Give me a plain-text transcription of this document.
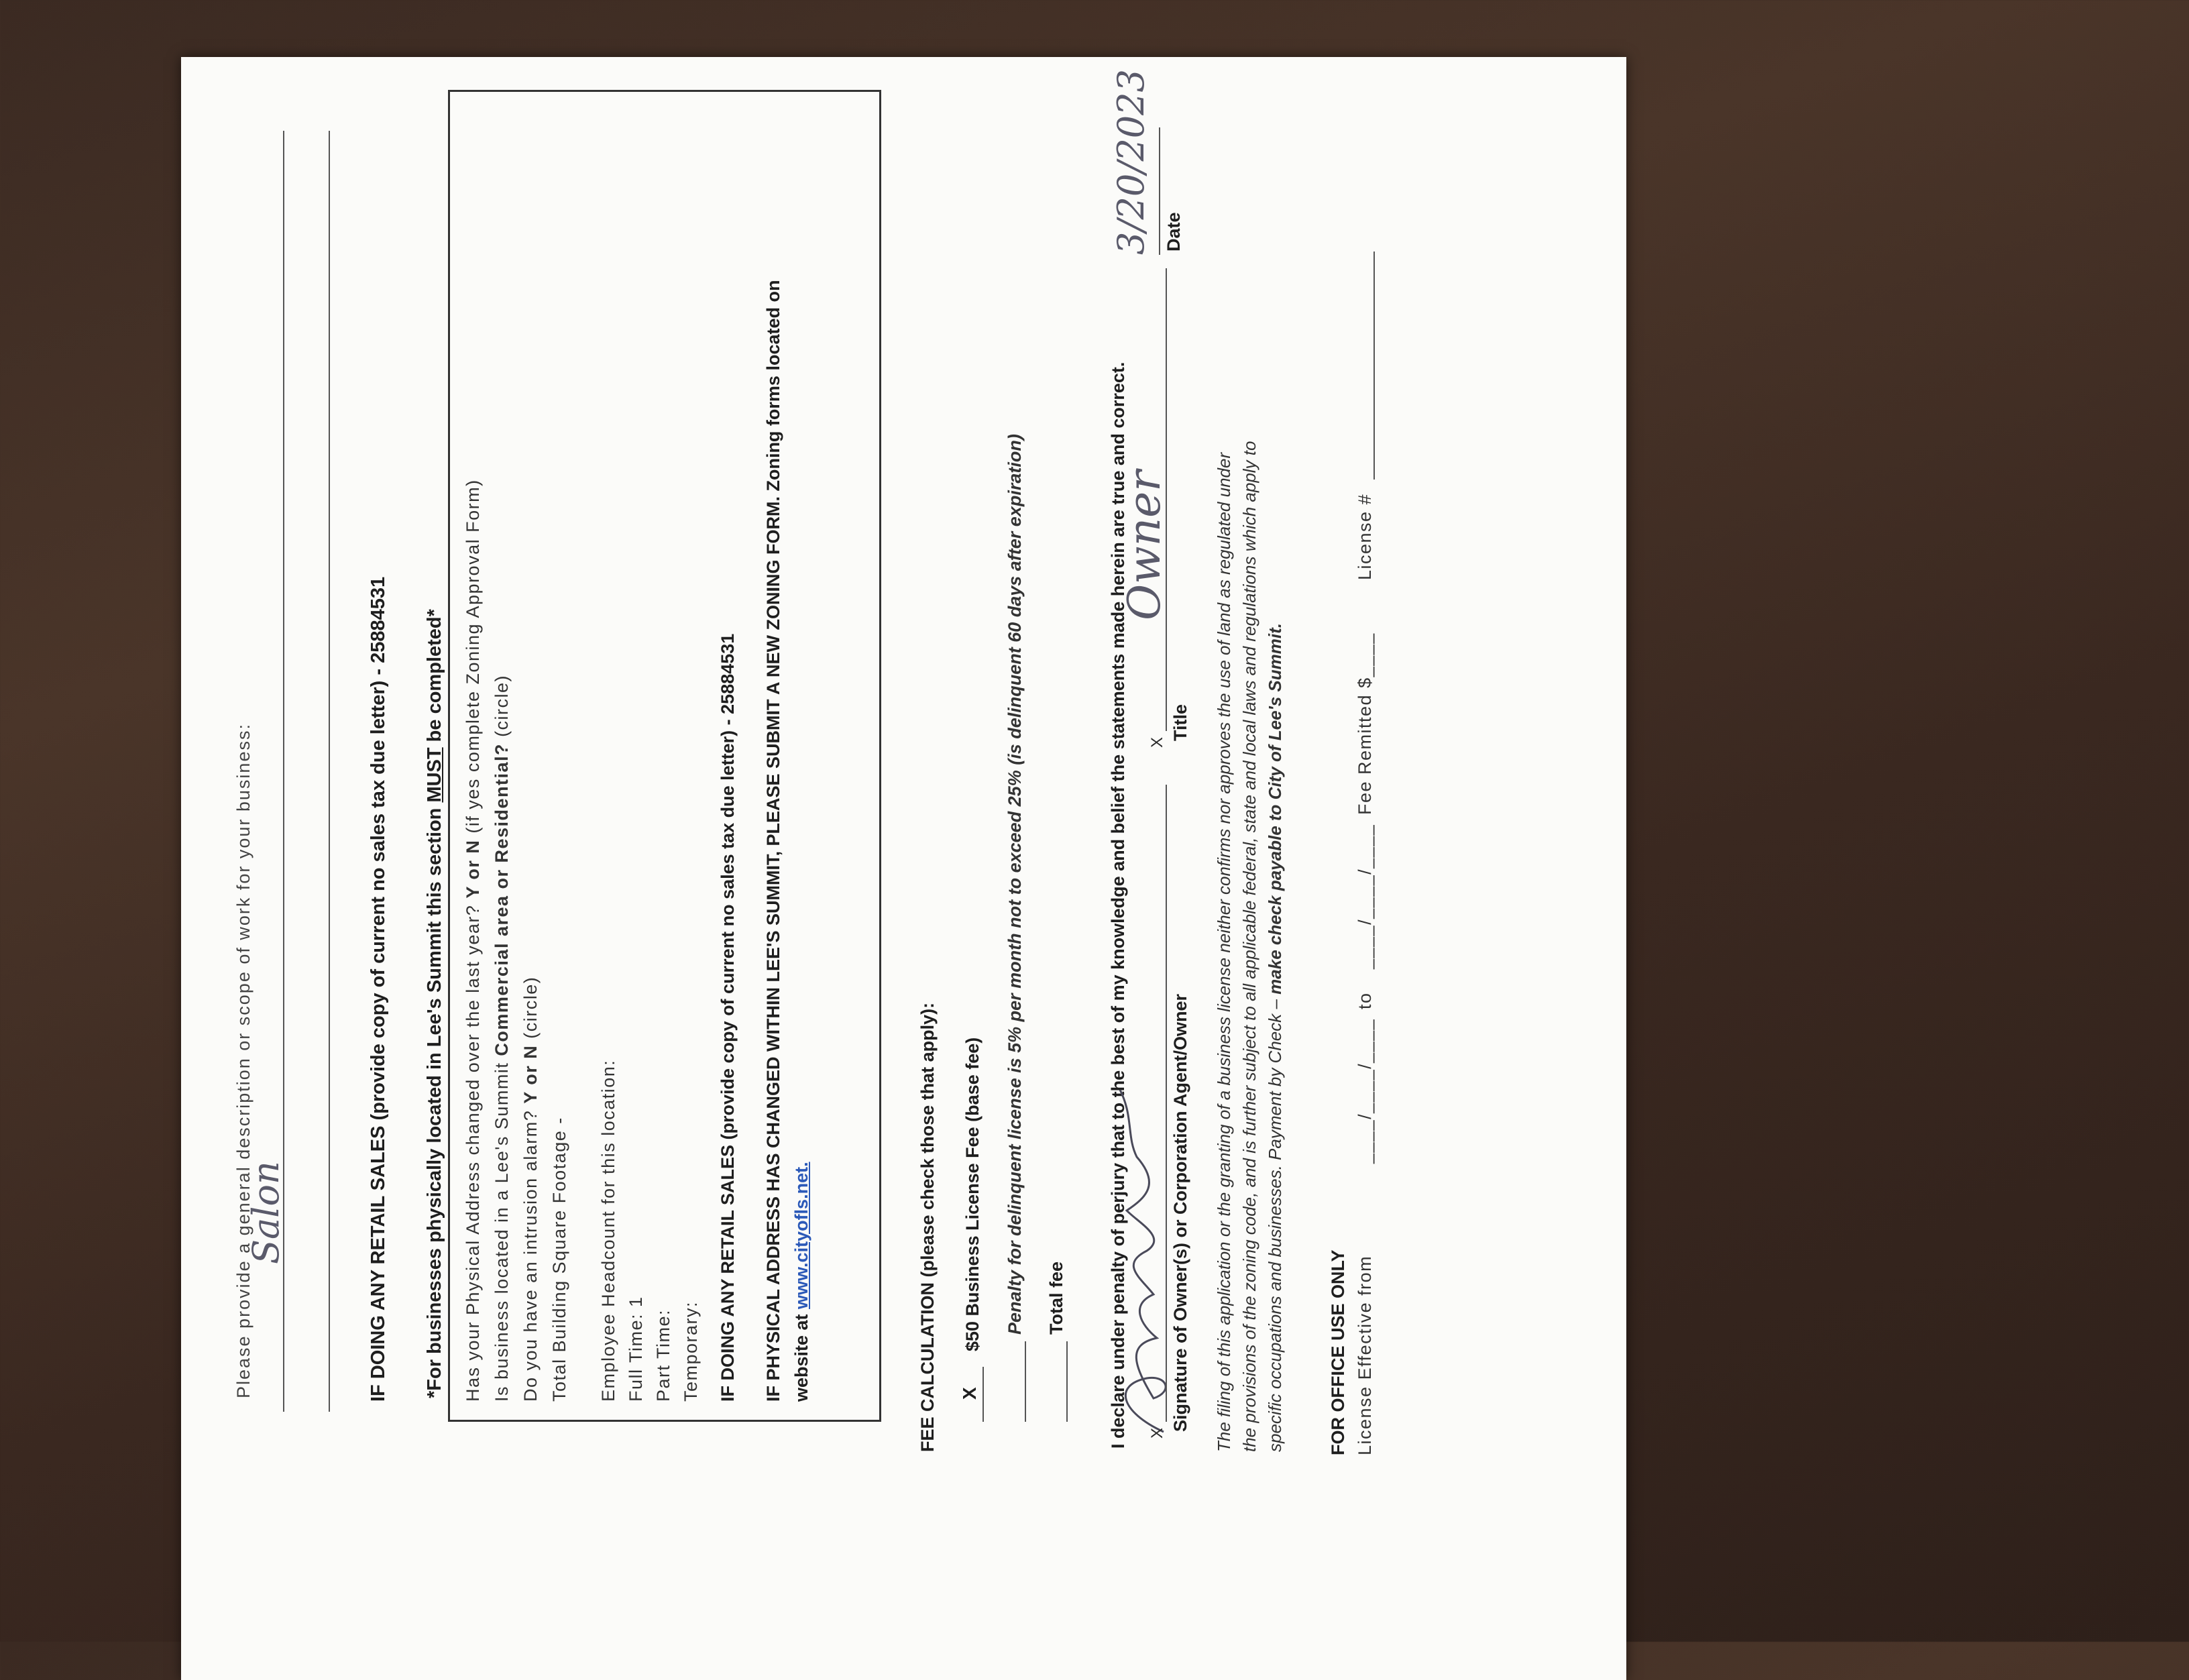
Please provide a general description or scope of work for your business:
Salon	IF DOING ANY RETAIL SALES (provide copy of current no sales tax due letter) - 25884531 *For businesses physically located in Lee's Summit this section MUST be completed*
Has your Physical Address changed over the last year? Y or N (if yes complete Zoning Approval Form)
Is business located in a Lee's Summit Commercial area or Residential? (circle)
Do you have an intrusion alarm? Y or N (circle)
Total Building Square Footage - Employee Headcount for this location: Full Time: 1 Part Time: Temporary: IF DOING ANY RETAIL SALES (provide copy of current no sales tax due letter) - 25884531 IF PHYSICAL ADDRESS HAS CHANGED WITHIN LEE'S SUMMIT, PLEASE SUBMIT A NEW ZONING FORM. Zoning forms located on website at www.cityofls.net.	FEE CALCULATION (please check those that apply): X
$50 Business License Fee (base fee) Penalty for delinquent license is 5% per month not to exceed 25% (is delinquent 60 days after expiration) Total fee I declare under penalty of perjury that to the best of my knowledge and belief the statements made herein are true and correct. X
Signature of Owner(s) or Corporation Agent/Owner
X
Owner
Title
3/20/2023 Date
The filing of this application or the granting of a business license neither confirms nor approves the use of land as regulated under the provisions of the zoning code, and is further subject to all applicable federal, state and local laws and regulations which apply to specific occupations and businesses. Payment by Check – make check payable to City of Lee's Summit.
FOR OFFICE USE ONLY License Effective from
____/____/____
to
____/____/____
Fee Remitted $____
License #
